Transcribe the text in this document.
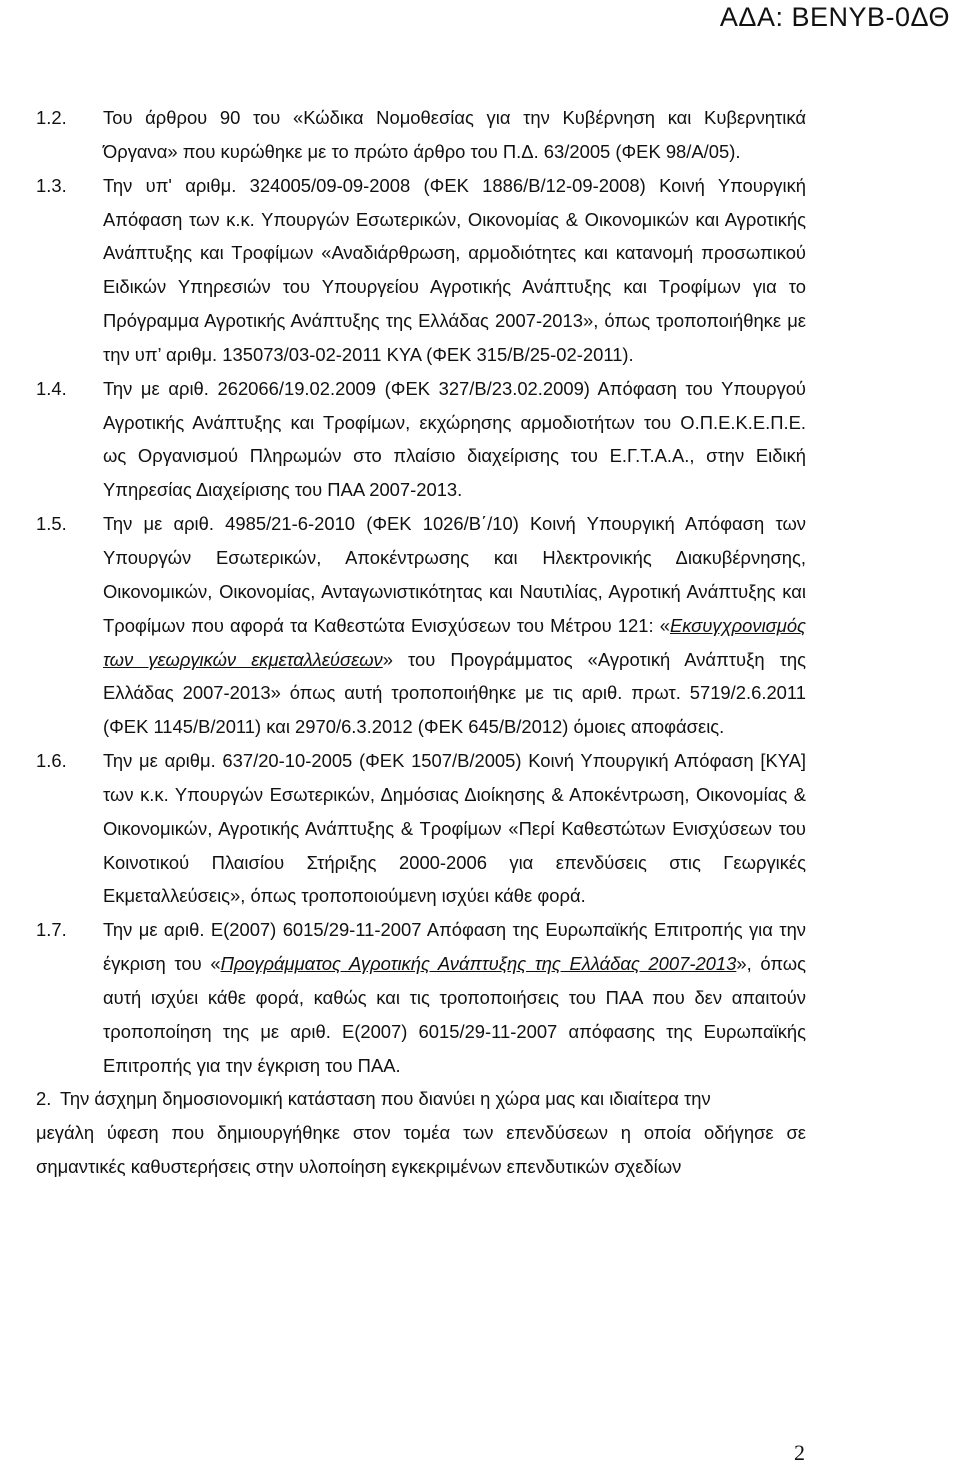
ΑΔΑ: ΒΕΝΥΒ-0ΔΘ
1.2.	Του άρθρου 90 του «Κώδικα Νομοθεσίας για την Κυβέρνηση και Κυβερνητικά Όργανα» που κυρώθηκε με το πρώτο άρθρο του Π.Δ. 63/2005 (ΦΕΚ 98/Α/05).

1.3.	Την υπ' αριθμ. 324005/09-09-2008 (ΦΕΚ 1886/Β/12-09-2008) Κοινή Υπουργική Απόφαση των κ.κ. Υπουργών Εσωτερικών, Οικονομίας & Οικονομικών και Αγροτικής Ανάπτυξης και Τροφίμων «Αναδιάρθρωση, αρμοδιότητες και κατανομή προσωπικού Ειδικών Υπηρεσιών του Υπουργείου Αγροτικής Ανάπτυξης και Τροφίμων για το Πρόγραμμα Αγροτικής Ανάπτυξης της Ελλάδας 2007-2013», όπως τροποποιήθηκε με την υπ’ αριθμ. 135073/03-02-2011 ΚΥΑ (ΦΕΚ 315/Β/25-02-2011).

1.4.	Την με αριθ. 262066/19.02.2009 (ΦΕΚ 327/Β/23.02.2009) Απόφαση του Υπουργού Αγροτικής Ανάπτυξης και Τροφίμων, εκχώρησης αρμοδιοτήτων του Ο.Π.Ε.Κ.Ε.Π.Ε. ως Οργανισμού Πληρωμών στο πλαίσιο διαχείρισης του Ε.Γ.Τ.Α.Α., στην Ειδική Υπηρεσίας Διαχείρισης του ΠΑΑ 2007-2013.

1.5.	Την με αριθ. 4985/21-6-2010 (ΦΕΚ 1026/Β΄/10) Κοινή Υπουργική Απόφαση των Υπουργών Εσωτερικών, Αποκέντρωσης και Ηλεκτρονικής Διακυβέρνησης, Οικονομικών, Οικονομίας, Ανταγωνιστικότητας και Ναυτιλίας, Αγροτική Ανάπτυξης και Τροφίμων που αφορά τα Καθεστώτα Ενισχύσεων του Μέτρου 121: «Εκσυγχρονισμός των γεωργικών εκμεταλλεύσεων» του Προγράμματος «Αγροτική Ανάπτυξη της Ελλάδας 2007-2013» όπως αυτή τροποποιήθηκε με τις αριθ. πρωτ. 5719/2.6.2011 (ΦΕΚ 1145/Β/2011) και 2970/6.3.2012 (ΦΕΚ 645/Β/2012) όμοιες αποφάσεις.

1.6.	Την με αριθμ. 637/20-10-2005 (ΦΕΚ 1507/Β/2005) Κοινή Υπουργική Απόφαση [ΚΥΑ] των κ.κ. Υπουργών Εσωτερικών, Δημόσιας Διοίκησης & Αποκέντρωση, Οικονομίας & Οικονομικών, Αγροτικής Ανάπτυξης & Τροφίμων «Περί Καθεστώτων Ενισχύσεων του Κοινοτικού Πλαισίου Στήριξης 2000-2006 για επενδύσεις στις Γεωργικές Εκμεταλλεύσεις», όπως τροποποιούμενη ισχύει κάθε φορά.

1.7.	Την με αριθ. Ε(2007) 6015/29-11-2007 Απόφαση της Ευρωπαϊκής Επιτροπής για την έγκριση του «Προγράμματος Αγροτικής Ανάπτυξης της Ελλάδας 2007-2013», όπως αυτή ισχύει κάθε φορά, καθώς και τις τροποποιήσεις του ΠΑΑ που δεν απαιτούν τροποποίηση της με αριθ. Ε(2007) 6015/29-11-2007 απόφασης της Ευρωπαϊκής Επιτροπής για την έγκριση του ΠΑΑ.

2. Την άσχημη δημοσιονομική κατάσταση που διανύει η χώρα μας και ιδιαίτερα την

μεγάλη ύφεση που δημιουργήθηκε στον τομέα των επενδύσεων η οποία οδήγησε σε σημαντικές καθυστερήσεις στην υλοποίηση εγκεκριμένων επενδυτικών σχεδίων

2
